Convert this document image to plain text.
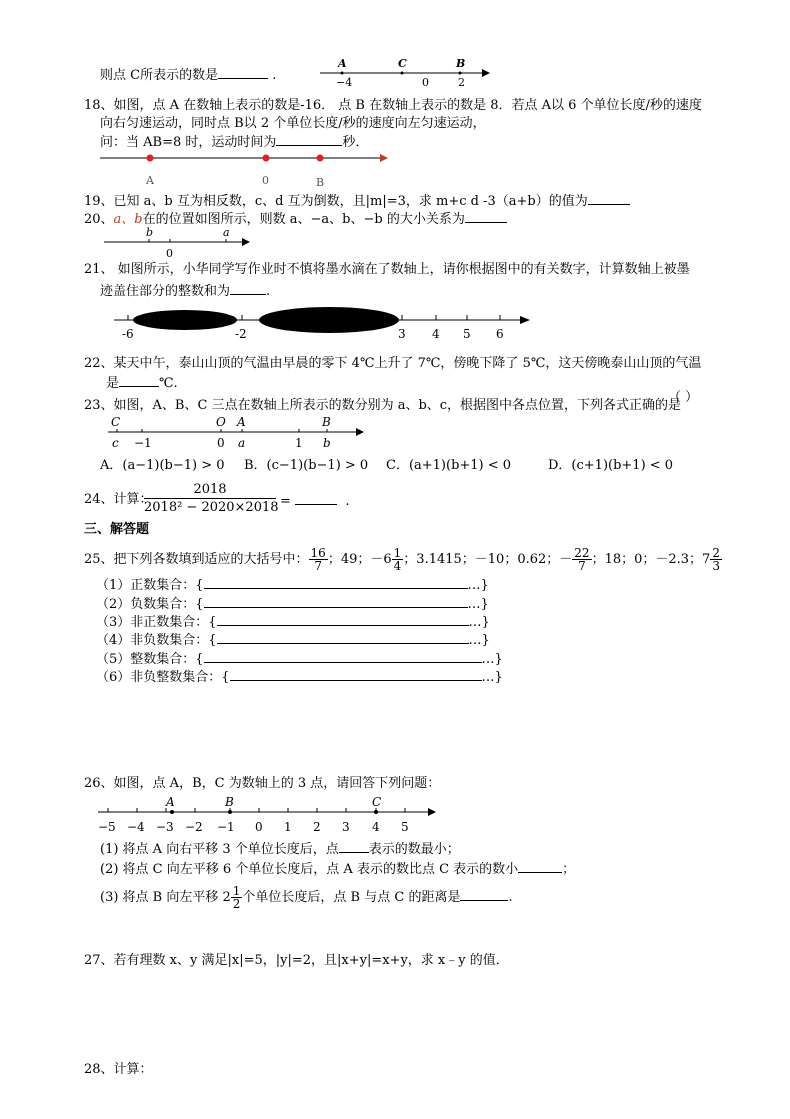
则点 C所表示的数是	.
A	C	B
−4	0	2
18、如图，点 A 在数轴上表示的数是-16． 点 B 在数轴上表示的数是 8．若点 A以 6 个单位长度/秒的速度
向右匀速运动，同时点 B以 2 个单位长度/秒的速度向左匀速运动，
问：当 AB=8 时，运动时间为	秒．
A	0	B
19、已知 a、b 互为相反数，c、d 互为倒数，且|m|=3，求 m+c d -3（a+b）的值为
20、a、b在的位置如图所示，则数 a、−a、b、−b 的大小关系为
b
0
a
21、 如图所示，小华同学写作业时不慎将墨水滴在了数轴上，请你根据图中的有关数字，计算数轴上被墨
迹盖住部分的整数和为	.
-6	-2	3 4 5 6
22、某天中午，泰山山顶的气温由早晨的零下 4℃上升了 7℃，傍晚下降了 5℃，这天傍晚泰山山顶的气温
是	℃.
23、如图，A、B、C 三点在数轴上所表示的数分别为 a、b、c，根据图中各点位置，下列各式正确的是
（ ）
C
c −1
O
0
A
a	1
B
b
A．(a−1)(b−1) > 0 B．(c−1)(b−1) > 0 C．(a+1)(b+1) < 0	D．(c+1)(b+1) < 0
24、计算：
$\frac{2018}{\text{2018² − 2020×2018}}$ =	.
三、解答题
25、把下列各数填到适应的大括号中： $\frac{16}{7}$ ；49；$-6 \frac{1}{4}$ ；3.1415；－10；0.62；－ $\frac{22}{7}$ ；18；0；－2.3；$7 \frac{2}{3}$
（1）正数集合：{	…}
（2）负数集合：{	…}
（3）非正数集合：{	…}
（4）非负数集合：{	…}
（5）整数集合：{	…}
（6）非负整数集合：{	…}
26、如图，点 A，B，C 为数轴上的 3 点，请回答下列问题：
A	B	C
−5 −4 −3 −2 −1 0 1 2 3 4 5
(1) 将点 A 向右平移 3 个单位长度后，点 表示的数最小；
(2) 将点 C 向左平移 6 个单位长度后，点 A 表示的数比点 C 表示的数小	；
(3) 将点 B 向左平移 $2 \frac{1}{2}$ 个单位长度后，点 B 与点 C 的距离是	.
27、若有理数 x、y 满足|x|=5，|y|=2，且|x+y|=x+y，求 x﹣y 的值．
28、计算：
